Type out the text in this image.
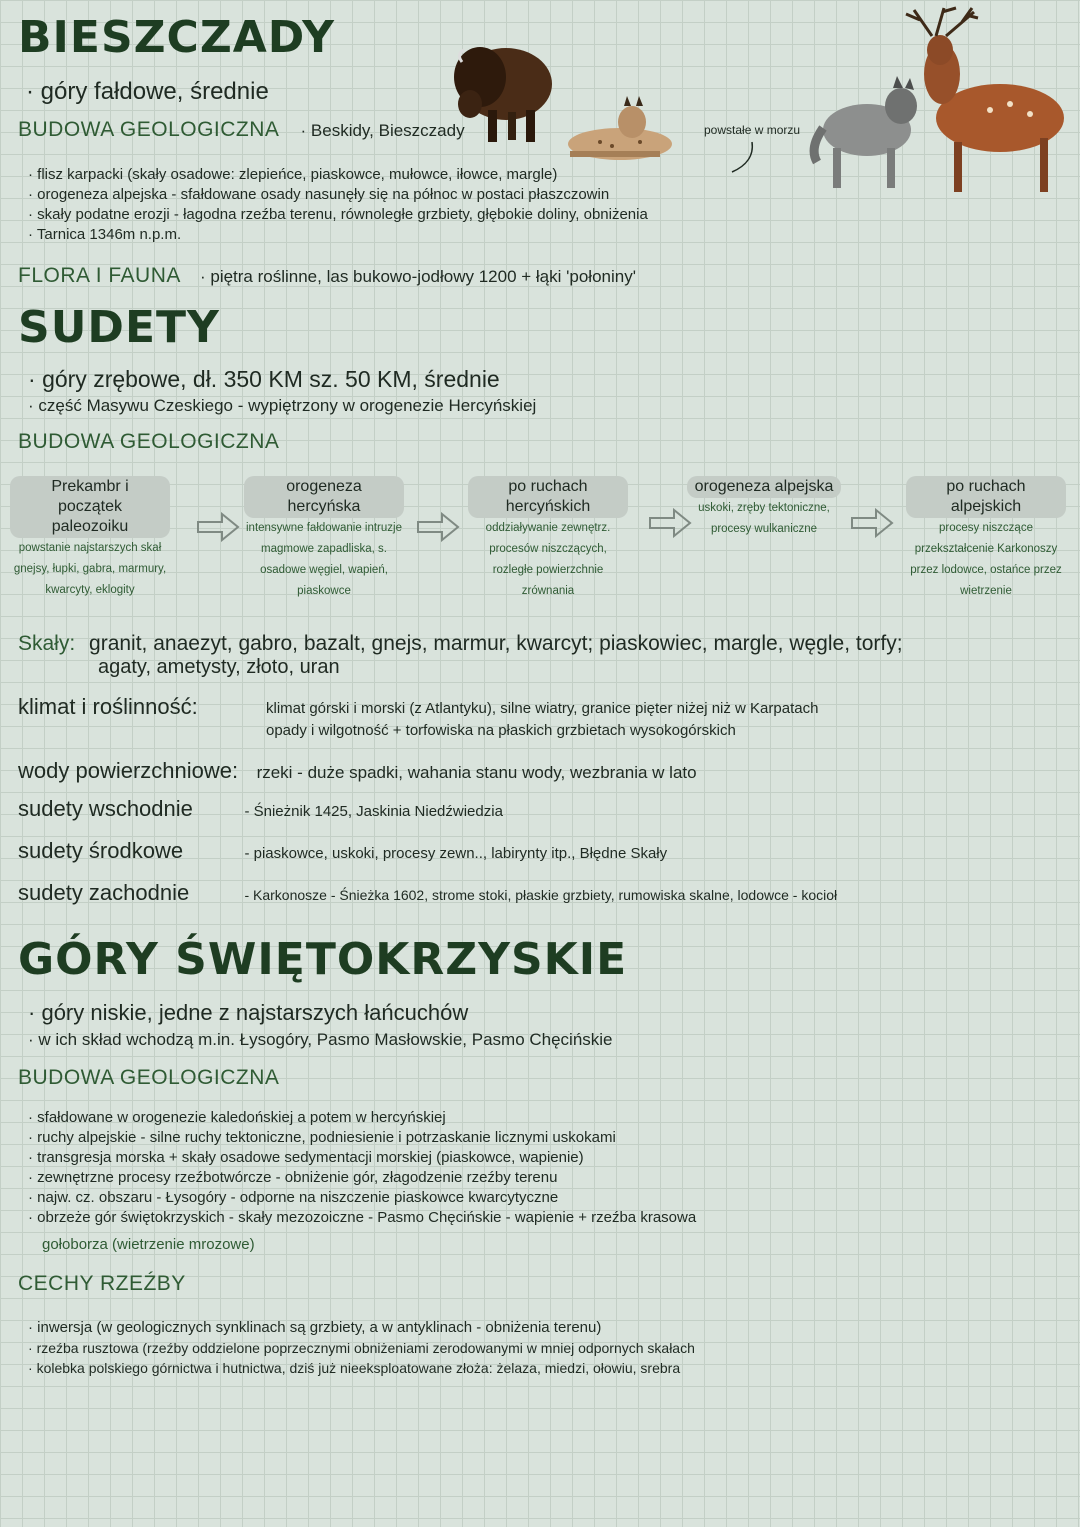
BIESZCZADY
· góry fałdowe, średnie
BUDOWA GEOLOGICZNA · Beskidy, Bieszczady	powstałe w morzu
· flisz karpacki (skały osadowe: zlepieńce, piaskowce, mułowce, iłowce, margle)
· orogeneza alpejska - sfałdowane osady nasunęły się na północ w postaci płaszczowin
· skały podatne erozji - łagodna rzeźba terenu, równoległe grzbiety, głębokie doliny, obniżenia
· Tarnica 1346m n.p.m.
FLORA I FAUNA · piętra roślinne, las bukowo-jodłowy 1200 + łąki 'połoniny'
SUDETY
· góry zrębowe, dł. 350 KM sz. 50 KM, średnie
· część Masywu Czeskiego - wypiętrzony w orogenezie Hercyńskiej
BUDOWA GEOLOGICZNA
Prekambr i początek paleozoiku
powstanie najstarszych skał gnejsy, łupki, gabra, marmury, kwarcyty, eklogity
orogeneza hercyńska
intensywne fałdowanie intruzje magmowe zapadliska, s. osadowe węgiel, wapień, piaskowce
po ruchach hercyńskich
oddziaływanie zewnętrz. procesów niszczących, rozległe powierzchnie zrównania
orogeneza alpejska
uskoki, zręby tektoniczne, procesy wulkaniczne
po ruchach alpejskich
procesy niszczące przekształcenie Karkonoszy przez lodowce, ostańce przez wietrzenie
Skały: granit, anaezyt, gabro, bazalt, gnejs, marmur, kwarcyt; piaskowiec, margle, węgle, torfy;
agaty, ametysty, złoto, uran
klimat i roślinność:	klimat górski i morski (z Atlantyku), silne wiatry, granice pięter niżej niż w Karpatach
opady i wilgotność + torfowiska na płaskich grzbietach wysokogórskich
wody powierzchniowe: rzeki - duże spadki, wahania stanu wody, wezbrania w lato
sudety wschodnie	- Śnieżnik 1425, Jaskinia Niedźwiedzia
sudety środkowe	- piaskowce, uskoki, procesy zewn.., labirynty itp., Błędne Skały
sudety zachodnie	- Karkonosze - Śnieżka 1602, strome stoki, płaskie grzbiety, rumowiska skalne, lodowce - kocioł
GÓRY ŚWIĘTOKRZYSKIE
· góry niskie, jedne z najstarszych łańcuchów
· w ich skład wchodzą m.in. Łysogóry, Pasmo Masłowskie, Pasmo Chęcińskie
BUDOWA GEOLOGICZNA
· sfałdowane w orogenezie kaledońskiej a potem w hercyńskiej
· ruchy alpejskie - silne ruchy tektoniczne, podniesienie i potrzaskanie licznymi uskokami
· transgresja morska + skały osadowe sedymentacji morskiej (piaskowce, wapienie)
· zewnętrzne procesy rzeźbotwórcze - obniżenie gór, złagodzenie rzeźby terenu
· najw. cz. obszaru - Łysogóry - odporne na niszczenie piaskowce kwarcytyczne
· obrzeże gór świętokrzyskich - skały mezozoiczne - Pasmo Chęcińskie - wapienie + rzeźba krasowa
gołoborza (wietrzenie mrozowe)
CECHY RZEŹBY
· inwersja (w geologicznych synklinach są grzbiety, a w antyklinach - obniżenia terenu)
· rzeźba rusztowa (rzeźby oddzielone poprzecznymi obniżeniami zerodowanymi w mniej odpornych skałach
· kolebka polskiego górnictwa i hutnictwa, dziś już nieeksploatowane złoża: żelaza, miedzi, ołowiu, srebra
